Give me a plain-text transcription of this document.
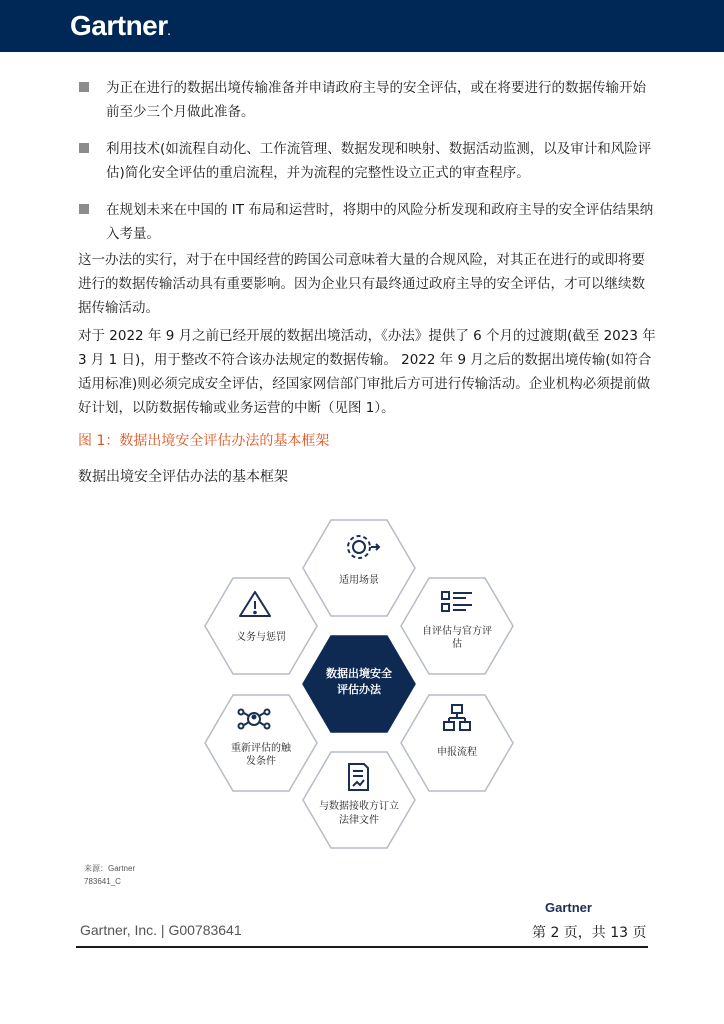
Gartner.
为正在进行的数据出境传输准备并申请政府主导的安全评估，或在将要进行的数据传输开始前至少三个月做此准备。
利用技术(如流程自动化、工作流管理、数据发现和映射、数据活动监测，以及审计和风险评估)简化安全评估的重启流程，并为流程的完整性设立正式的审查程序。
在规划未来在中国的 IT 布局和运营时，将期中的风险分析发现和政府主导的安全评估结果纳入考量。
这一办法的实行，对于在中国经营的跨国公司意味着大量的合规风险，对其正在进行的或即将要进行的数据传输活动具有重要影响。因为企业只有最终通过政府主导的安全评估，才可以继续数据传输活动。
对于 2022 年 9 月之前已经开展的数据出境活动，《办法》提供了 6 个月的过渡期(截至 2023 年 3 月 1 日)，用于整改不符合该办法规定的数据传输。 2022 年 9 月之后的数据出境传输(如符合适用标准)则必须完成安全评估，经国家网信部门审批后方可进行传输活动。企业机构必须提前做好计划，以防数据传输或业务运营的中断（见图 1）。
图 1：数据出境安全评估办法的基本框架
数据出境安全评估办法的基本框架
适用场景
自评估与官方评
估
申报流程
与数据接收方订立
法律文件
重新评估的触
发条件
义务与惩罚
数据出境安全
评估办法
来源：Gartner
783641_C
Gartner
Gartner, Inc. | G00783641	第 2 页，共 13 页
